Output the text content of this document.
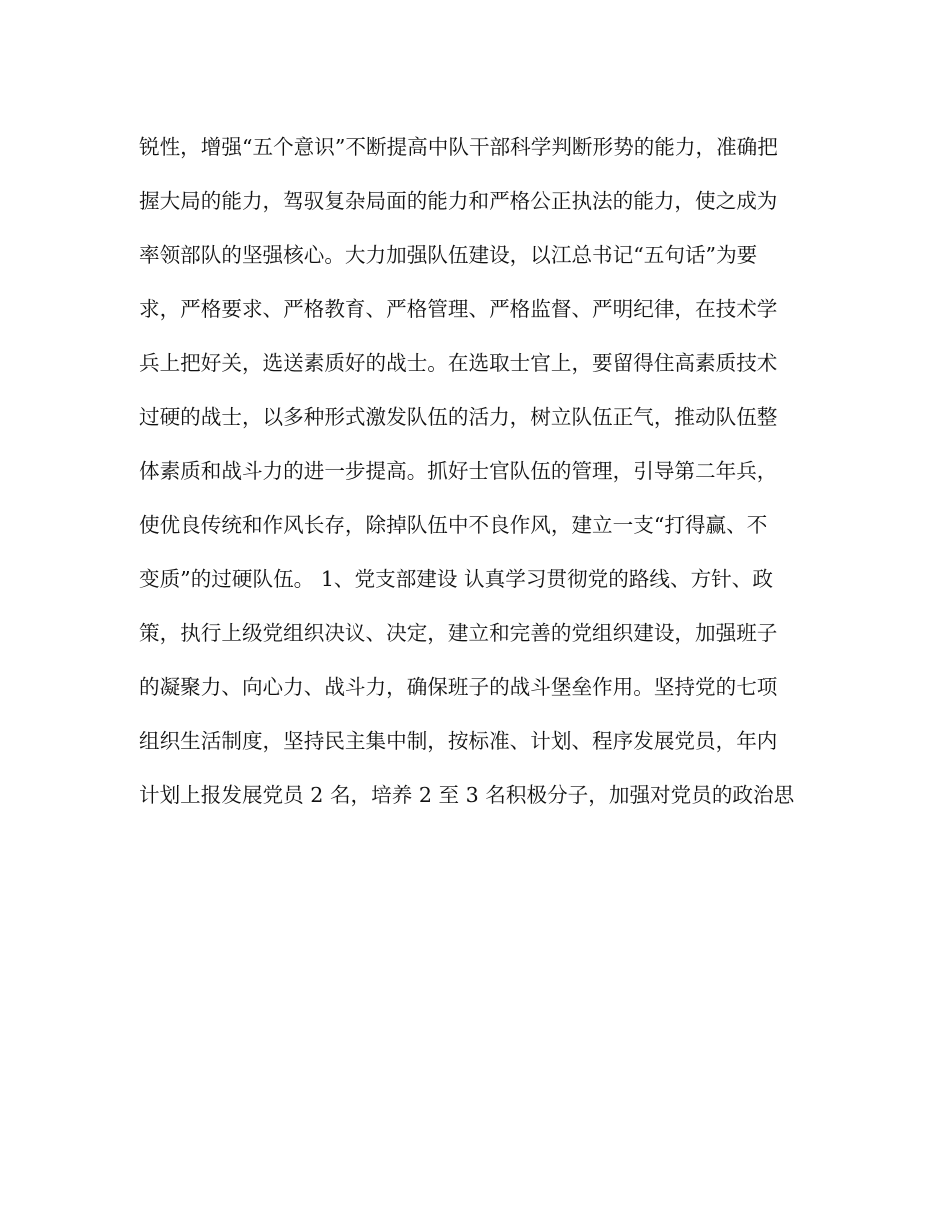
锐性，增强“五个意识”不断提高中队干部科学判断形势的能力，准确把
握大局的能力，驾驭复杂局面的能力和严格公正执法的能力，使之成为
率领部队的坚强核心。大力加强队伍建设，以江总书记“五句话”为要
求，严格要求、严格教育、严格管理、严格监督、严明纪律，在技术学
兵上把好关，选送素质好的战士。在选取士官上，要留得住高素质技术
过硬的战士，以多种形式激发队伍的活力，树立队伍正气，推动队伍整
体素质和战斗力的进一步提高。抓好士官队伍的管理，引导第二年兵，
使优良传统和作风长存，除掉队伍中不良作风，建立一支“打得赢、不
变质”的过硬队伍。 1、党支部建设 认真学习贯彻党的路线、方针、政
策，执行上级党组织决议、决定，建立和完善的党组织建设，加强班子
的凝聚力、向心力、战斗力，确保班子的战斗堡垒作用。坚持党的七项
组织生活制度，坚持民主集中制，按标准、计划、程序发展党员，年内
计划上报发展党员 2 名，培养 2 至 3 名积极分子，加强对党员的政治思
